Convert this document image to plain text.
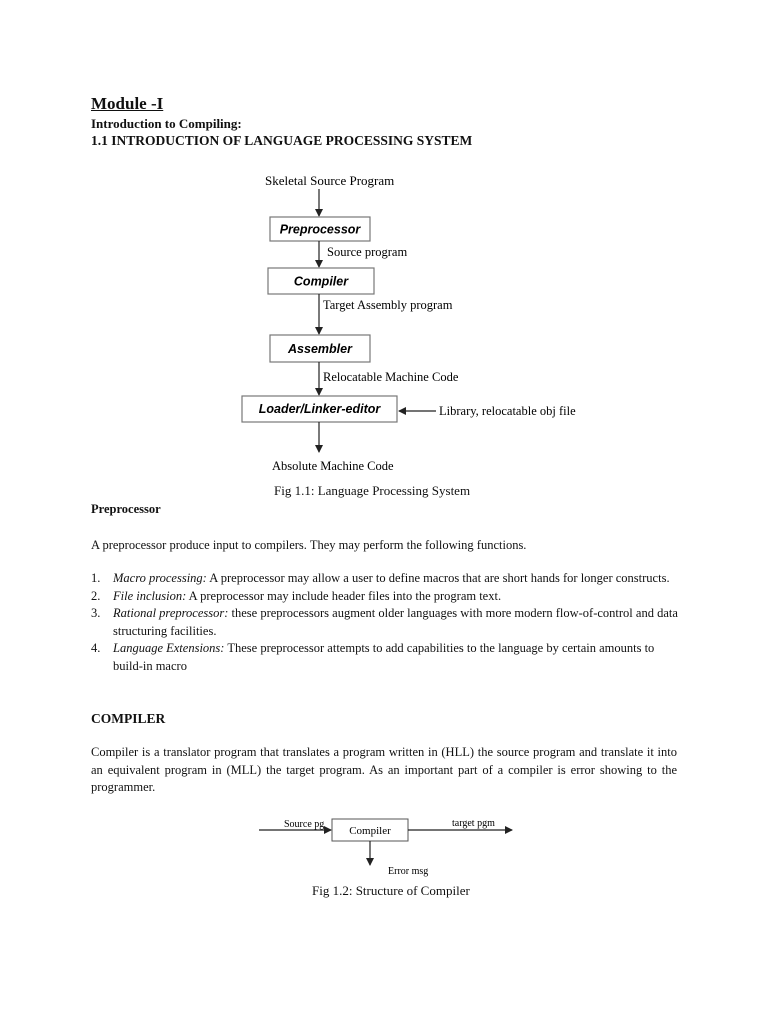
Module -I
Introduction to Compiling:
1.1 INTRODUCTION OF LANGUAGE PROCESSING SYSTEM
Skeletal Source Program
Preprocessor
Source program
Compiler
Target Assembly program
Assembler
Relocatable Machine Code
Loader/Linker-editor	Library, relocatable obj file
Absolute Machine Code
Fig 1.1: Language Processing System
Preprocessor
A preprocessor produce input to compilers. They may perform the following functions.
1. Macro processing: A preprocessor may allow a user to define macros that are short hands for longer constructs.
2. File inclusion: A preprocessor may include header files into the program text.
3. Rational preprocessor: these preprocessors augment older languages with more modern flow-of-control and data structuring facilities.
4. Language Extensions: These preprocessor attempts to add capabilities to the language by certain amounts to build-in macro
COMPILER
Compiler is a translator program that translates a program written in (HLL) the source program and translate it into an equivalent program in (MLL) the target program. As an important part of a compiler is error showing to the programmer.
Source pg
Compiler
target pgm
Error msg
Fig 1.2: Structure of Compiler
